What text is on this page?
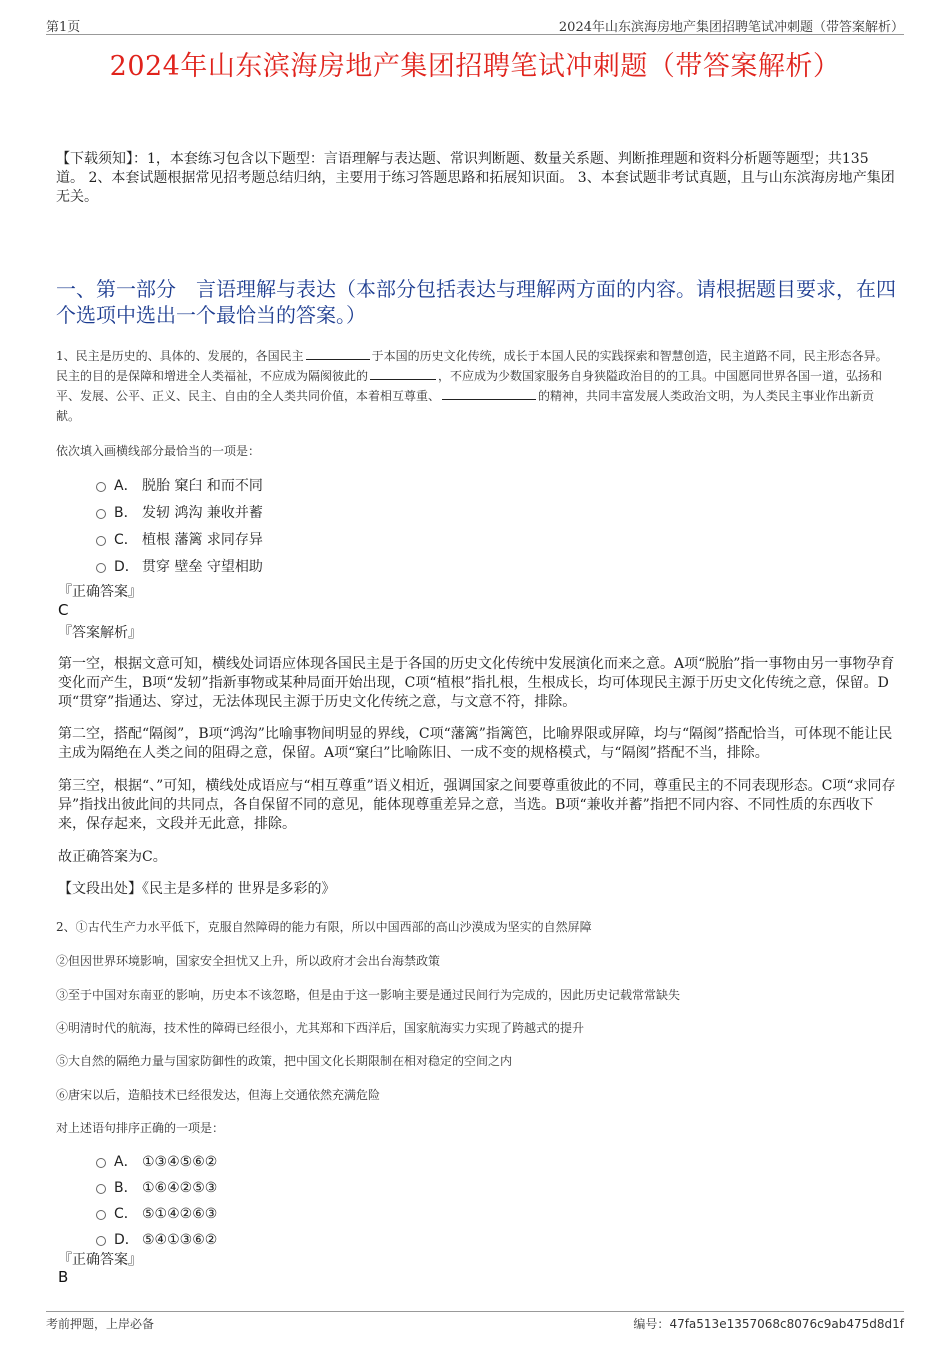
第1页	2024年山东滨海房地产集团招聘笔试冲刺题（带答案解析）
2024年山东滨海房地产集团招聘笔试冲刺题（带答案解析）
【下载须知】：1，本套练习包含以下题型：言语理解与表达题、常识判断题、数量关系题、判断推理题和资料分析题等题型；共135道。 2、本套试题根据常见招考题总结归纳，主要用于练习答题思路和拓展知识面。 3、本套试题非考试真题，且与山东滨海房地产集团无关。
一、第一部分　言语理解与表达（本部分包括表达与理解两方面的内容。请根据题目要求，在四个选项中选出一个最恰当的答案。）
1、民主是历史的、具体的、发展的，各国民主	于本国的历史文化传统，成长于本国人民的实践探索和智慧创造，民主道路不同，民主形态各异。民主的目的是保障和增进全人类福祉，不应成为隔阂彼此的	，不应成为少数国家服务自身狭隘政治目的的工具。中国愿同世界各国一道，弘扬和平、发展、公平、正义、民主、自由的全人类共同价值，本着相互尊重、	的精神，共同丰富发展人类政治文明，为人类民主事业作出新贡献。
依次填入画横线部分最恰当的一项是：
A． 脱胎 窠臼 和而不同
B． 发轫 鸿沟 兼收并蓄
C． 植根 藩篱 求同存异
D． 贯穿 壁垒 守望相助
『正确答案』
C
『答案解析』
第一空，根据文意可知，横线处词语应体现各国民主是于各国的历史文化传统中发展演化而来之意。A项“脱胎”指一事物由另一事物孕育变化而产生，B项“发轫”指新事物或某种局面开始出现，C项“植根”指扎根，生根成长，均可体现民主源于历史文化传统之意，保留。D项“贯穿”指通达、穿过，无法体现民主源于历史文化传统之意，与文意不符，排除。
第二空，搭配“隔阂”，B项“鸿沟”比喻事物间明显的界线，C项“藩篱”指篱笆，比喻界限或屏障，均与“隔阂”搭配恰当，可体现不能让民主成为隔绝在人类之间的阻碍之意，保留。A项“窠臼”比喻陈旧、一成不变的规格模式，与“隔阂”搭配不当，排除。
第三空，根据“、”可知，横线处成语应与“相互尊重”语义相近，强调国家之间要尊重彼此的不同，尊重民主的不同表现形态。C项“求同存异”指找出彼此间的共同点，各自保留不同的意见，能体现尊重差异之意，当选。B项“兼收并蓄”指把不同内容、不同性质的东西收下来，保存起来，文段并无此意，排除。
故正确答案为C。
【文段出处】《民主是多样的 世界是多彩的》
2、①古代生产力水平低下，克服自然障碍的能力有限，所以中国西部的高山沙漠成为坚实的自然屏障
②但因世界环境影响，国家安全担忧又上升，所以政府才会出台海禁政策
③至于中国对东南亚的影响，历史本不该忽略，但是由于这一影响主要是通过民间行为完成的，因此历史记载常常缺失
④明清时代的航海，技术性的障碍已经很小，尤其郑和下西洋后，国家航海实力实现了跨越式的提升
⑤大自然的隔绝力量与国家防御性的政策，把中国文化长期限制在相对稳定的空间之内
⑥唐宋以后，造船技术已经很发达，但海上交通依然充满危险
对上述语句排序正确的一项是：
A． ①③④⑤⑥②
B． ①⑥④②⑤③
C． ⑤①④②⑥③
D． ⑤④①③⑥②
『正确答案』
B
考前押题，上岸必备	编号：47fa513e1357068c8076c9ab475d8d1f
